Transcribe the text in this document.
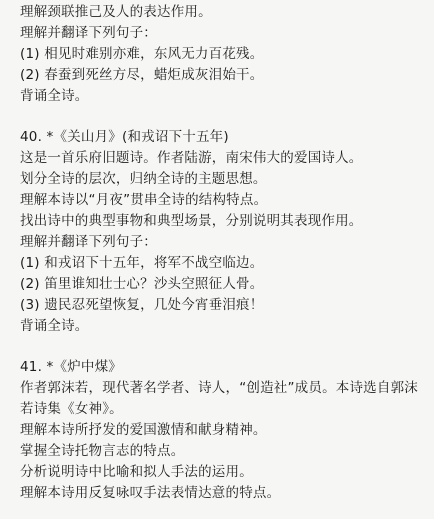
理解颈联推己及人的表达作用。
理解并翻译下列句子：
(1) 相见时难别亦难，东风无力百花残。
(2) 春蚕到死丝方尽，蜡炬成灰泪始干。
背诵全诗。
40. *《关山月》(和戎诏下十五年)
这是一首乐府旧题诗。作者陆游，南宋伟大的爱国诗人。
划分全诗的层次，归纳全诗的主题思想。
理解本诗以“月夜”贯串全诗的结构特点。
找出诗中的典型事物和典型场景，分别说明其表现作用。
理解并翻译下列句子：
(1) 和戎诏下十五年，将军不战空临边。
(2) 笛里谁知壮士心？沙头空照征人骨。
(3) 遗民忍死望恢复，几处今宵垂泪痕！
背诵全诗。
41. *《炉中煤》
作者郭沫若，现代著名学者、诗人，“创造社”成员。本诗选自郭沫若诗集《女神》。
理解本诗所抒发的爱国激情和献身精神。
掌握全诗托物言志的特点。
分析说明诗中比喻和拟人手法的运用。
理解本诗用反复咏叹手法表情达意的特点。
